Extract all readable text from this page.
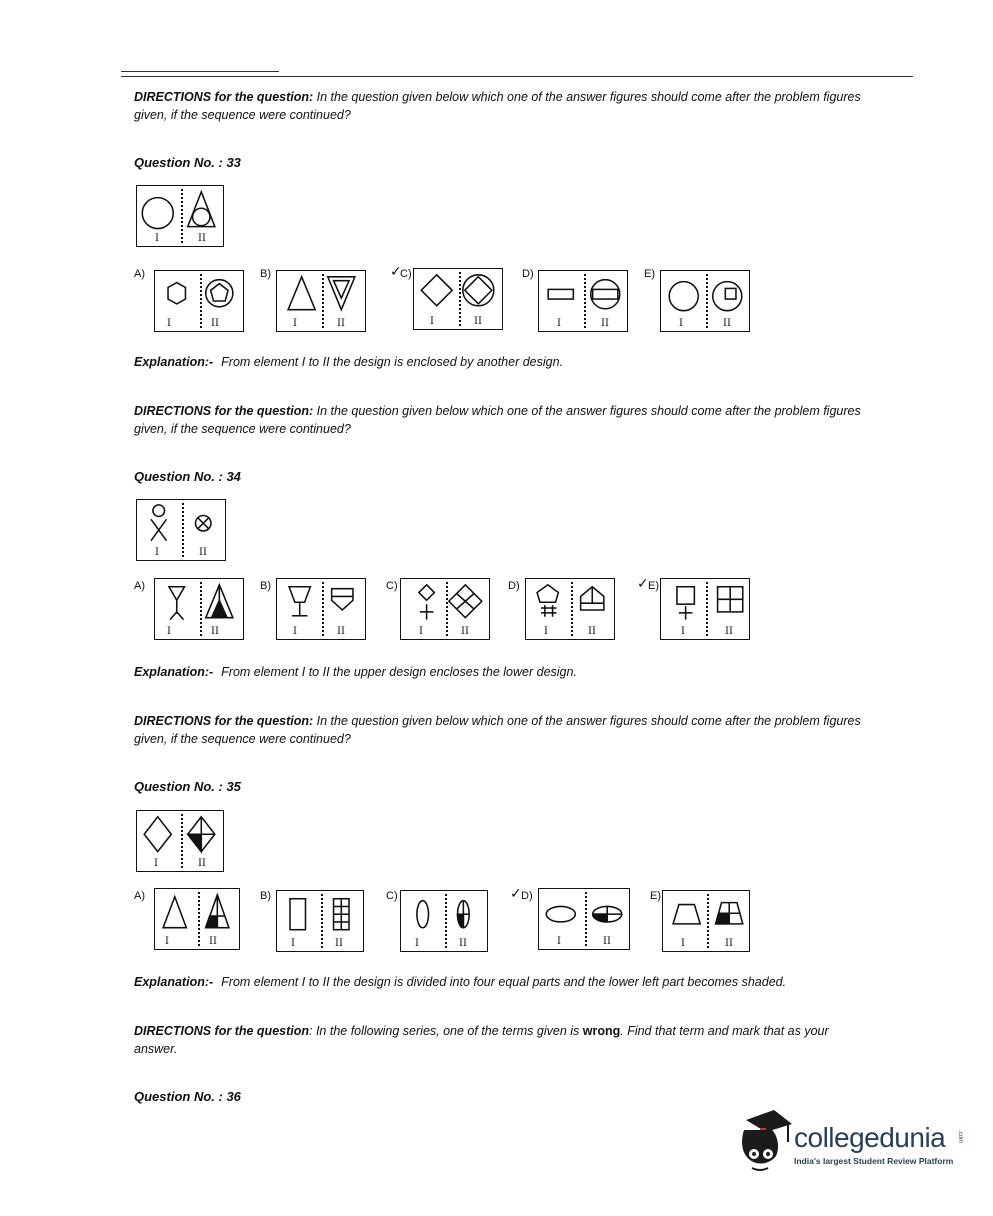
DIRECTIONS for the question: In the question given below which one of the answer figures should come after the problem figures given, if the sequence were continued?
Question No. : 33
I	II
A)
I	II
B)
I	II
✓
C)
I	II
D)
I	II
E)
I	II
Explanation:- From element I to II the design is enclosed by another design.
DIRECTIONS for the question: In the question given below which one of the answer figures should come after the problem figures given, if the sequence were continued?
Question No. : 34
I	II
A)
I	II
B)
I	II
C)
I	II
D)
I	II
✓ E)
I	II
Explanation:- From element I to II the upper design encloses the lower design.
DIRECTIONS for the question: In the question given below which one of the answer figures should come after the problem figures given, if the sequence were continued?
Question No. : 35
I	II
A)
I	II
B)
I	II
C)
I	II
✓ D)
I	II
E)
I	II
Explanation:- From element I to II the design is divided into four equal parts and the lower left part becomes shaded.
DIRECTIONS for the question: In the following series, one of the terms given is wrong. Find that term and mark that as your answer.
Question No. : 36
collegedunia .com
India's largest Student Review Platform
